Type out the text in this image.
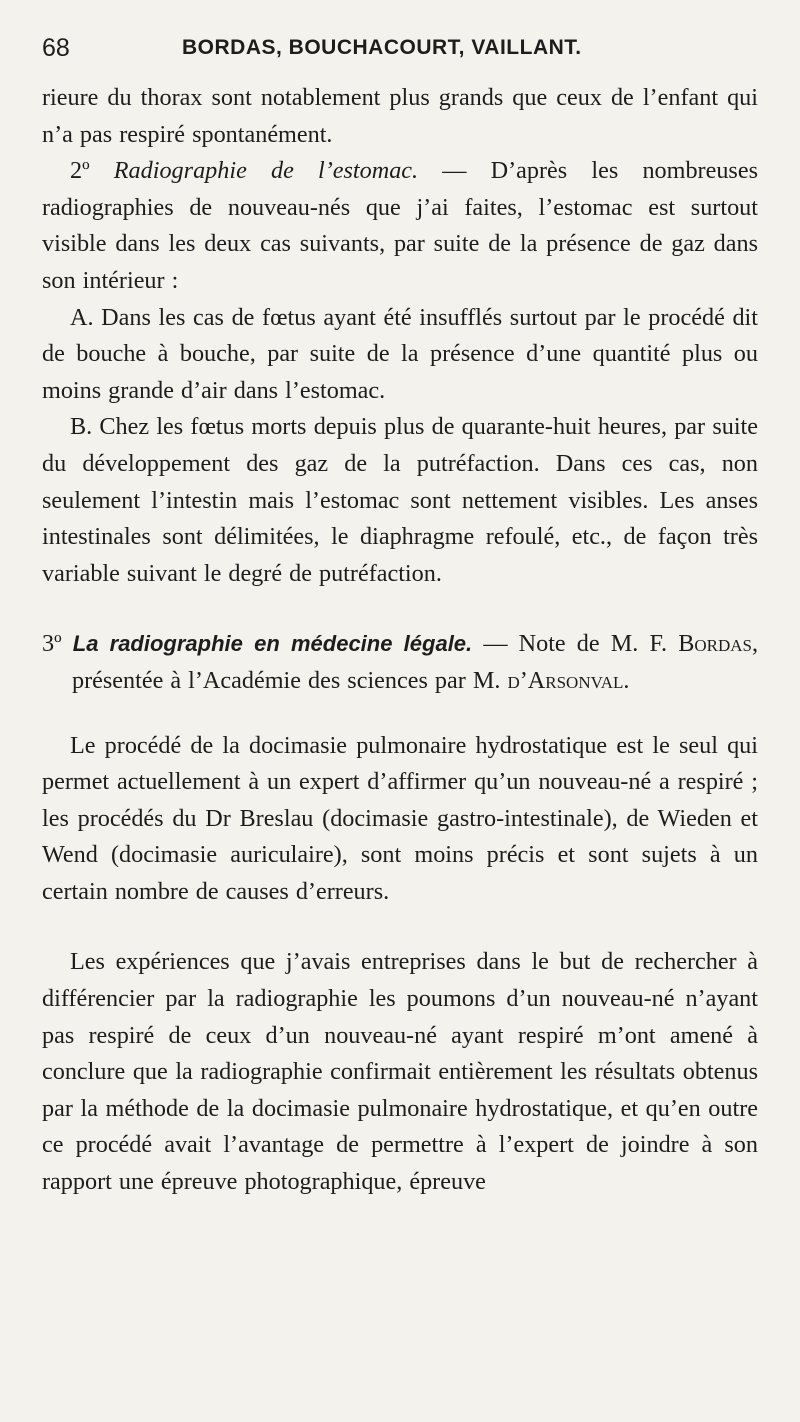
68	BORDAS, BOUCHACOURT, VAILLANT.

rieure du thorax sont notablement plus grands que ceux de l’enfant qui n’a pas respiré spontanément.

2º Radiographie de l’estomac. — D’après les nombreuses radiographies de nouveau-nés que j’ai faites, l’estomac est surtout visible dans les deux cas suivants, par suite de la présence de gaz dans son intérieur :

A. Dans les cas de fœtus ayant été insufflés surtout par le procédé dit de bouche à bouche, par suite de la présence d’une quantité plus ou moins grande d’air dans l’estomac.

B. Chez les fœtus morts depuis plus de quarante-huit heures, par suite du développement des gaz de la putréfaction. Dans ces cas, non seulement l’intestin mais l’estomac sont nettement visibles. Les anses intestinales sont délimitées, le diaphragme refoulé, etc., de façon très variable suivant le degré de putréfaction.

3º La radiographie en médecine légale. — Note de M. F. Bordas, présentée à l’Académie des sciences par M. d’Arsonval.

Le procédé de la docimasie pulmonaire hydrostatique est le seul qui permet actuellement à un expert d’affirmer qu’un nouveau-né a respiré ; les procédés du Dr Breslau (docimasie gastro-intestinale), de Wieden et Wend (docimasie auriculaire), sont moins précis et sont sujets à un certain nombre de causes d’erreurs.

Les expériences que j’avais entreprises dans le but de rechercher à différencier par la radiographie les poumons d’un nouveau-né n’ayant pas respiré de ceux d’un nouveau-né ayant respiré m’ont amené à conclure que la radiographie confirmait entièrement les résultats obtenus par la méthode de la docimasie pulmonaire hydrostatique, et qu’en outre ce procédé avait l’avantage de permettre à l’expert de joindre à son rapport une épreuve photographique, épreuve
